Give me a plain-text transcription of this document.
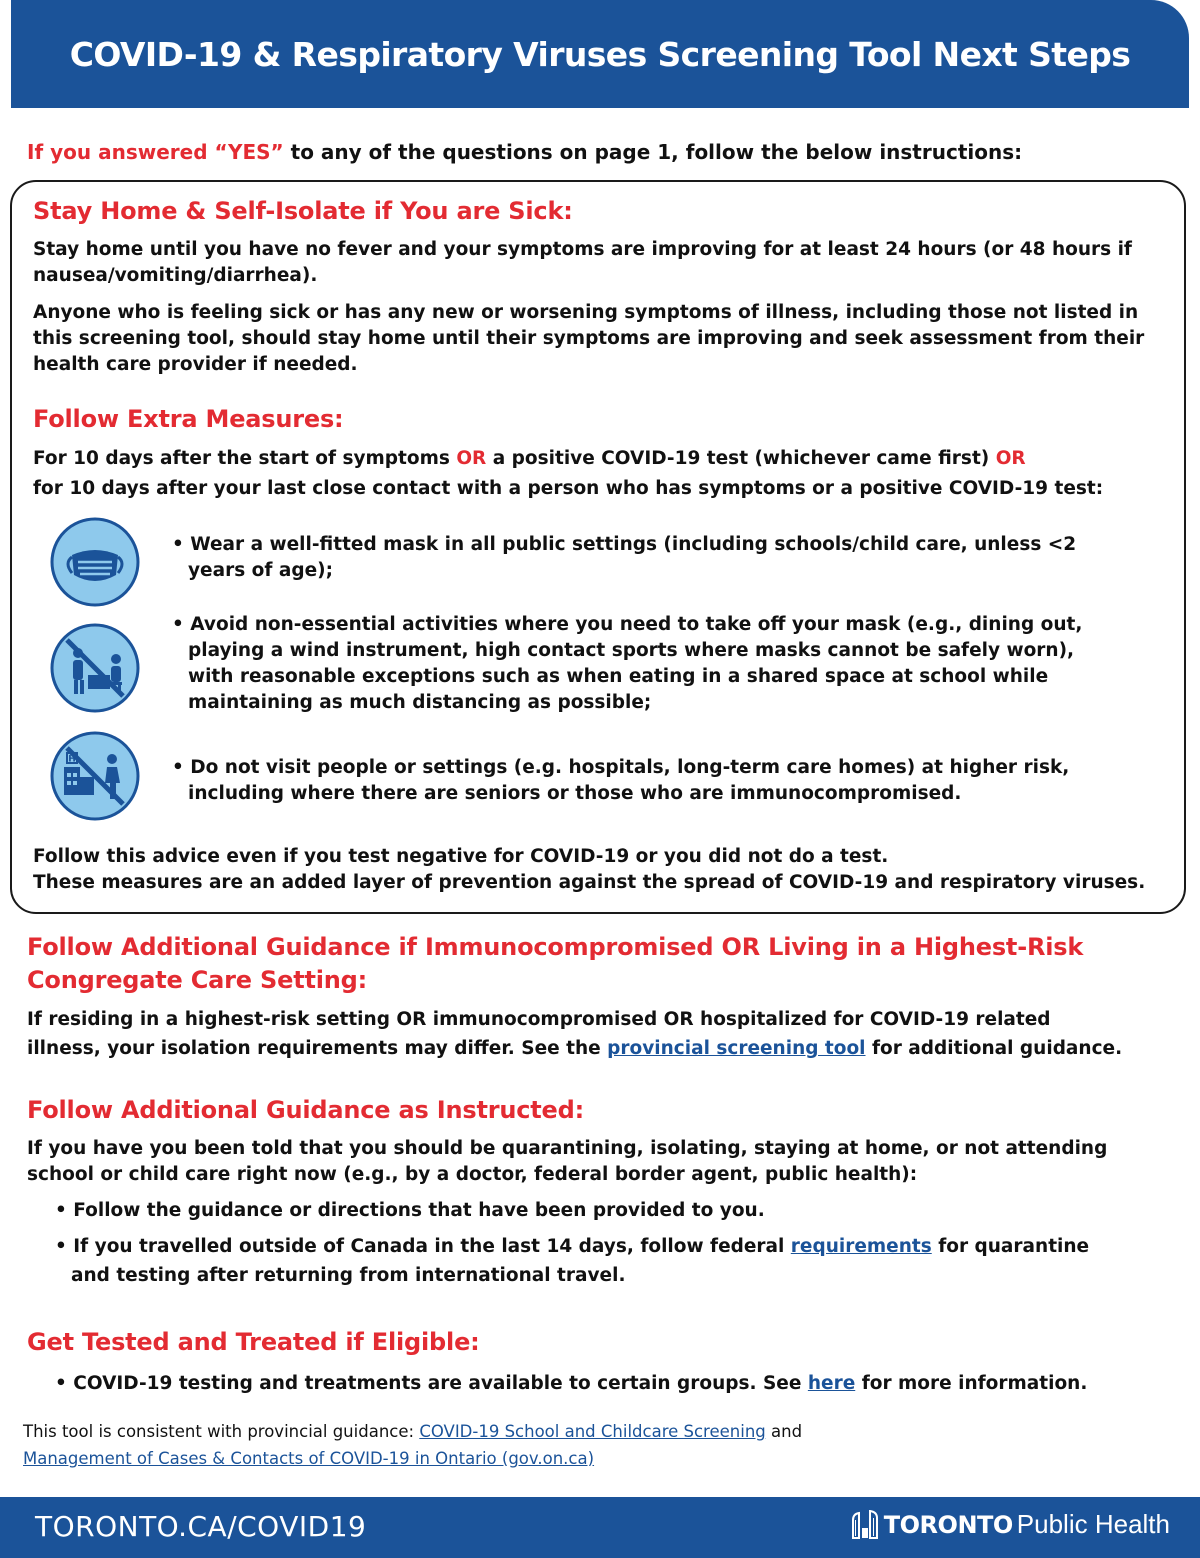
COVID-19 & Respiratory Viruses Screening Tool Next Steps
If you answered “YES” to any of the questions on page 1, follow the below instructions:
Stay Home & Self-Isolate if You are Sick:

Stay home until you have no fever and your symptoms are improving for at least 24 hours (or 48 hours if nausea/vomiting/diarrhea).

Anyone who is feeling sick or has any new or worsening symptoms of illness, including those not listed in this screening tool, should stay home until their symptoms are improving and seek assessment from their health care provider if needed.

Follow Extra Measures:

For 10 days after the start of symptoms OR a positive COVID-19 test (whichever came first) OR

for 10 days after your last close contact with a person who has symptoms or a positive COVID-19 test:

• Wear a well-fitted mask in all public settings (including schools/child care, unless <2 years of age);
• Avoid non-essential activities where you need to take off your mask (e.g., dining out, playing a wind instrument, high contact sports where masks cannot be safely worn), with reasonable exceptions such as when eating in a shared space at school while maintaining as much distancing as possible;
H	• Do not visit people or settings (e.g. hospitals, long-term care homes) at higher risk, including where there are seniors or those who are immunocompromised.

Follow this advice even if you test negative for COVID-19 or you did not do a test.

These measures are an added layer of prevention against the spread of COVID-19 and respiratory viruses.

Follow Additional Guidance if Immunocompromised OR Living in a Highest-Risk
Congregate Care Setting:

If residing in a highest-risk setting OR immunocompromised OR hospitalized for COVID-19 related

illness, your isolation requirements may differ. See the provincial screening tool for additional guidance.

Follow Additional Guidance as Instructed:

If you have you been told that you should be quarantining, isolating, staying at home, or not attending

school or child care right now (e.g., by a doctor, federal border agent, public health):

• Follow the guidance or directions that have been provided to you.

• If you travelled outside of Canada in the last 14 days, follow federal requirements for quarantine

and testing after returning from international travel.

Get Tested and Treated if Eligible:

• COVID-19 testing and treatments are available to certain groups. See here for more information.

This tool is consistent with provincial guidance: COVID-19 School and Childcare Screening and
Management of Cases & Contacts of COVID-19 in Ontario (gov.on.ca)
TORONTO.CA/COVID19	TORONTO Public Health
